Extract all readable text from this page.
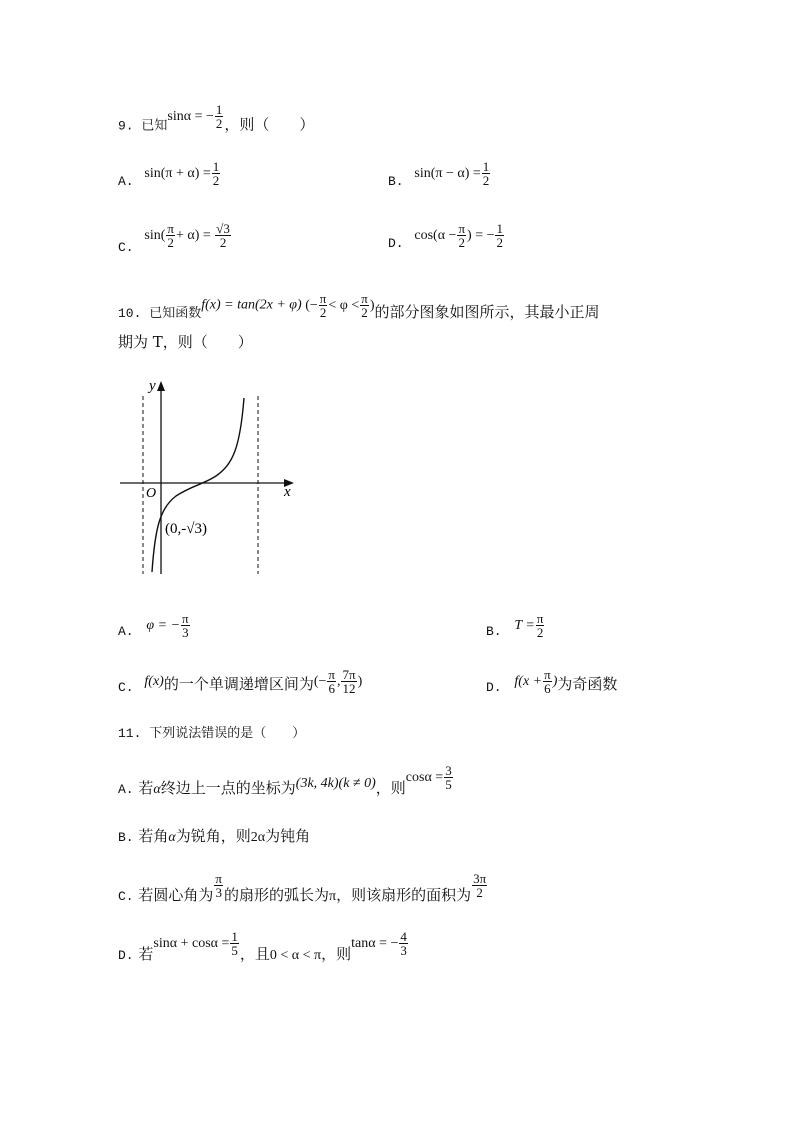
9. 已知sinα = − $\frac{1}{2}$ ，则（　　）
A. $\sin(\pi + \alpha) = \frac{1}{2}$	B. $\sin(\pi - \alpha) = \frac{1}{2}$
C. $\sin( \frac{\pi}{2} + \alpha) = \frac{√3}{2}$	D. $\cos(\alpha - \frac{\pi}{2}$ ) = − $\frac{1}{2}$
10. 已知函数f(x) = tan(2x + φ) (− $\frac{\pi}{2} < \varphi < \frac{\pi}{2}$ )的部分图象如图所示，其最小正周
期为 T，则（　　）
y
x
O
(0,-√3)
A. φ = − $\frac{\pi}{3}$	B. $T = \frac{\pi}{2}$
C. f(x)的一个单调递增区间为(− $\frac{\pi}{6}$ , $\frac{7\pi}{12}$ )	D. $f(x + \frac{\pi}{6}$ )为奇函数
11. 下列说法错误的是（　　）
A. 若α终边上一点的坐标为(3k, 4k)(k ≠ 0)，则$\cos\alpha = \frac{3}{5}$
B. 若角α为锐角，则2α为钝角
C. 若圆心角为 $\frac{\pi}{3}$ 的扇形的弧长为π，则该扇形的面积为 $\frac{3\pi}{2}$
D. 若$\sin\alpha + \cos\alpha = \frac{1}{5}$ ，且0 < α < π，则tanα = − $\frac{4}{3}$
